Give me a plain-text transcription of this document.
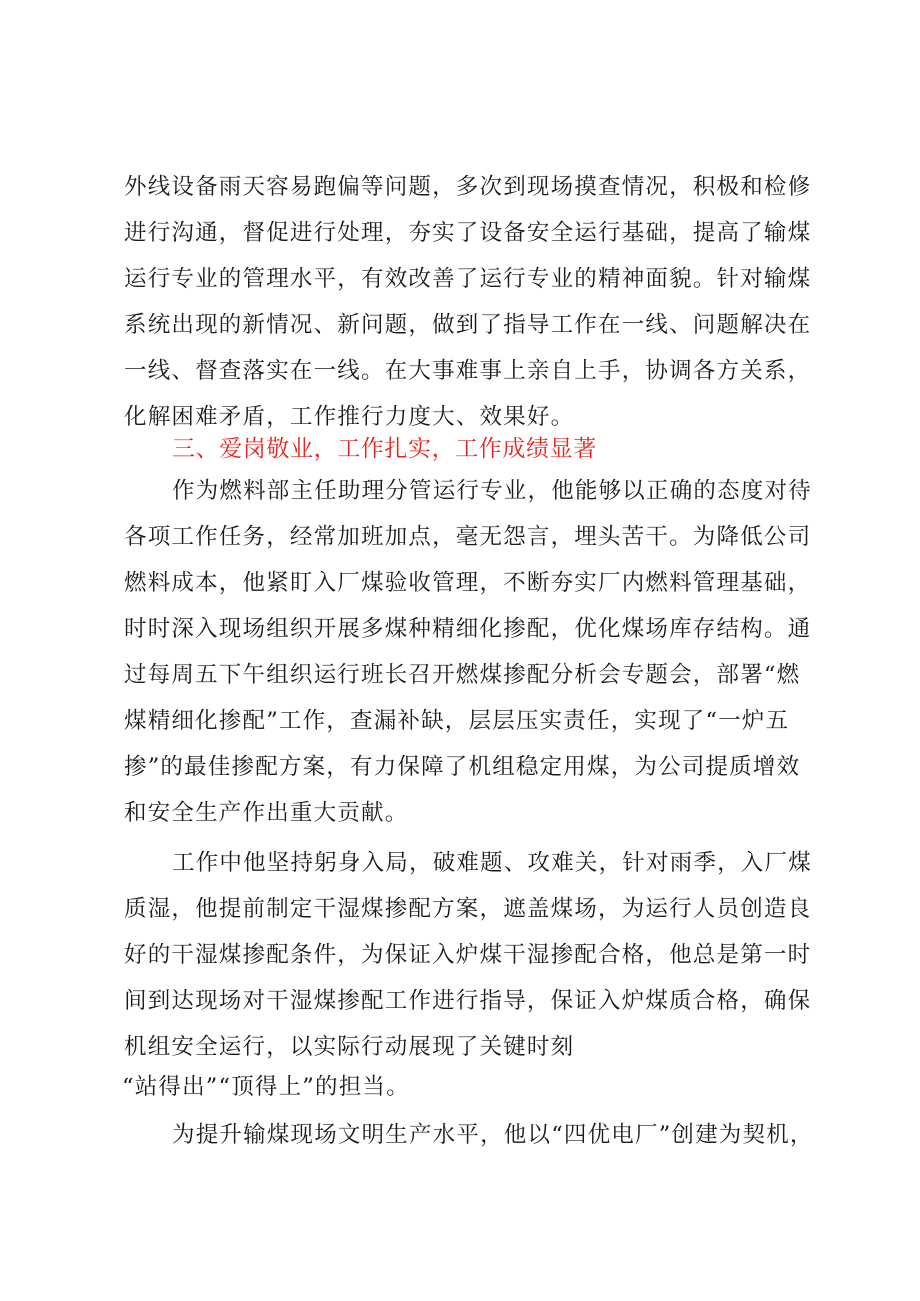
外线设备雨天容易跑偏等问题，多次到现场摸查情况，积极和检修
进行沟通，督促进行处理，夯实了设备安全运行基础，提高了输煤
运行专业的管理水平，有效改善了运行专业的精神面貌。针对输煤
系统出现的新情况、新问题，做到了指导工作在一线、问题解决在
一线、督查落实在一线。在大事难事上亲自上手，协调各方关系，
化解困难矛盾，工作推行力度大、效果好。
三、爱岗敬业，工作扎实，工作成绩显著
作为燃料部主任助理分管运行专业，他能够以正确的态度对待
各项工作任务，经常加班加点，毫无怨言，埋头苦干。为降低公司
燃料成本，他紧盯入厂煤验收管理，不断夯实厂内燃料管理基础，
时时深入现场组织开展多煤种精细化掺配，优化煤场库存结构。通
过每周五下午组织运行班长召开燃煤掺配分析会专题会，部署“燃
煤精细化掺配”工作，查漏补缺，层层压实责任，实现了“一炉五
掺”的最佳掺配方案，有力保障了机组稳定用煤，为公司提质增效
和安全生产作出重大贡献。
工作中他坚持躬身入局，破难题、攻难关，针对雨季，入厂煤
质湿，他提前制定干湿煤掺配方案，遮盖煤场，为运行人员创造良
好的干湿煤掺配条件，为保证入炉煤干湿掺配合格，他总是第一时
间到达现场对干湿煤掺配工作进行指导，保证入炉煤质合格，确保
机组安全运行，以实际行动展现了关键时刻
“站得出”“顶得上”的担当。
为提升输煤现场文明生产水平，他以“四优电厂”创建为契机，
